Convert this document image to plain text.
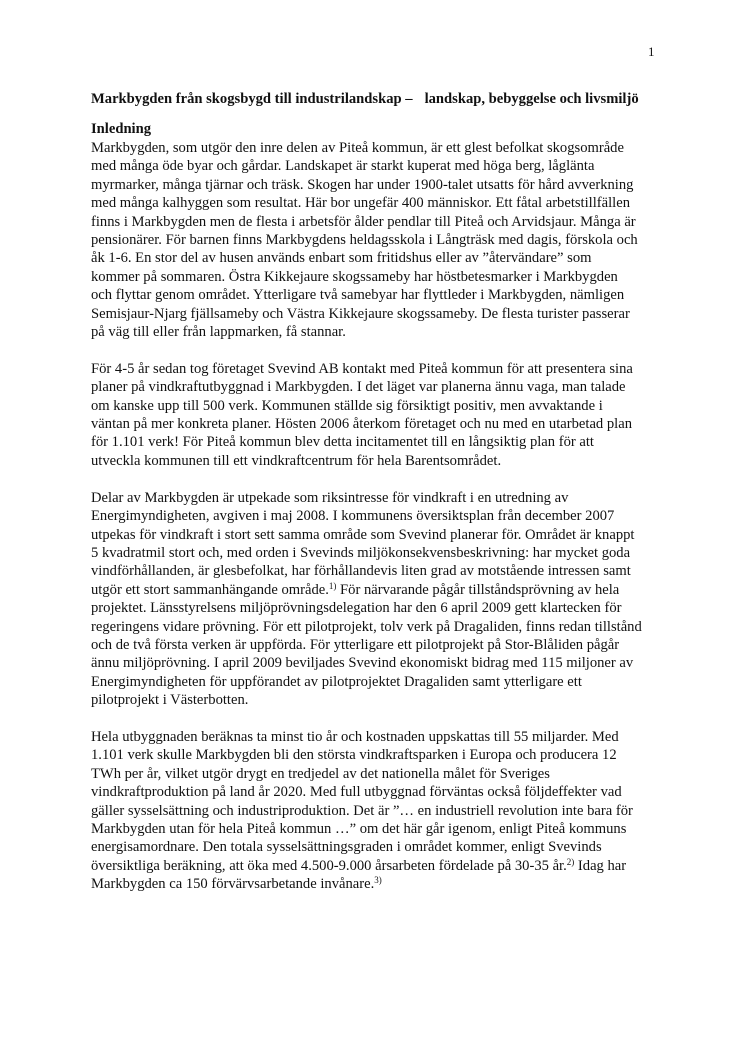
1
Markbygden från skogsbygd till industrilandskap – landskap, bebyggelse och livsmiljö
Inledning
Markbygden, som utgör den inre delen av Piteå kommun, är ett glest befolkat skogsområde
med många öde byar och gårdar. Landskapet är starkt kuperat med höga berg, låglänta
myrmarker, många tjärnar och träsk. Skogen har under 1900-talet utsatts för hård avverkning
med många kalhyggen som resultat. Här bor ungefär 400 människor. Ett fåtal arbetstillfällen
finns i Markbygden men de flesta i arbetsför ålder pendlar till Piteå och Arvidsjaur. Många är
pensionärer. För barnen finns Markbygdens heldagsskola i Långträsk med dagis, förskola och
åk 1-6. En stor del av husen används enbart som fritidshus eller av ”återvändare” som
kommer på sommaren. Östra Kikkejaure skogssameby har höstbetesmarker i Markbygden
och flyttar genom området. Ytterligare två samebyar har flyttleder i Markbygden, nämligen
Semisjaur-Njarg fjällsameby och Västra Kikkejaure skogssameby. De flesta turister passerar
på väg till eller från lappmarken, få stannar.
För 4-5 år sedan tog företaget Svevind AB kontakt med Piteå kommun för att presentera sina
planer på vindkraftutbyggnad i Markbygden. I det läget var planerna ännu vaga, man talade
om kanske upp till 500 verk. Kommunen ställde sig försiktigt positiv, men avvaktande i
väntan på mer konkreta planer. Hösten 2006 återkom företaget och nu med en utarbetad plan
för 1.101 verk! För Piteå kommun blev detta incitamentet till en långsiktig plan för att
utveckla kommunen till ett vindkraftcentrum för hela Barentsområdet.
Delar av Markbygden är utpekade som riksintresse för vindkraft i en utredning av
Energimyndigheten, avgiven i maj 2008. I kommunens översiktsplan från december 2007
utpekas för vindkraft i stort sett samma område som Svevind planerar för. Området är knappt
5 kvadratmil stort och, med orden i Svevinds miljökonsekvensbeskrivning: har mycket goda
vindförhållanden, är glesbefolkat, har förhållandevis liten grad av motstående intressen samt
utgör ett stort sammanhängande område.$^{1)}$ För närvarande pågår tillståndsprövning av hela
projektet. Länsstyrelsens miljöprövningsdelegation har den 6 april 2009 gett klartecken för
regeringens vidare prövning. För ett pilotprojekt, tolv verk på Dragaliden, finns redan tillstånd
och de två första verken är uppförda. För ytterligare ett pilotprojekt på Stor-Blåliden pågår
ännu miljöprövning. I april 2009 beviljades Svevind ekonomiskt bidrag med 115 miljoner av
Energimyndigheten för uppförandet av pilotprojektet Dragaliden samt ytterligare ett
pilotprojekt i Västerbotten.
Hela utbyggnaden beräknas ta minst tio år och kostnaden uppskattas till 55 miljarder. Med
1.101 verk skulle Markbygden bli den största vindkraftsparken i Europa och producera 12
TWh per år, vilket utgör drygt en tredjedel av det nationella målet för Sveriges
vindkraftproduktion på land år 2020. Med full utbyggnad förväntas också följdeffekter vad
gäller sysselsättning och industriproduktion. Det är ”… en industriell revolution inte bara för
Markbygden utan för hela Piteå kommun …” om det här går igenom, enligt Piteå kommuns
energisamordnare. Den totala sysselsättningsgraden i området kommer, enligt Svevinds
översiktliga beräkning, att öka med 4.500-9.000 årsarbeten fördelade på 30-35 år.$^{2)}$ Idag har
Markbygden ca 150 förvärvsarbetande invånare.$^{3)}$
